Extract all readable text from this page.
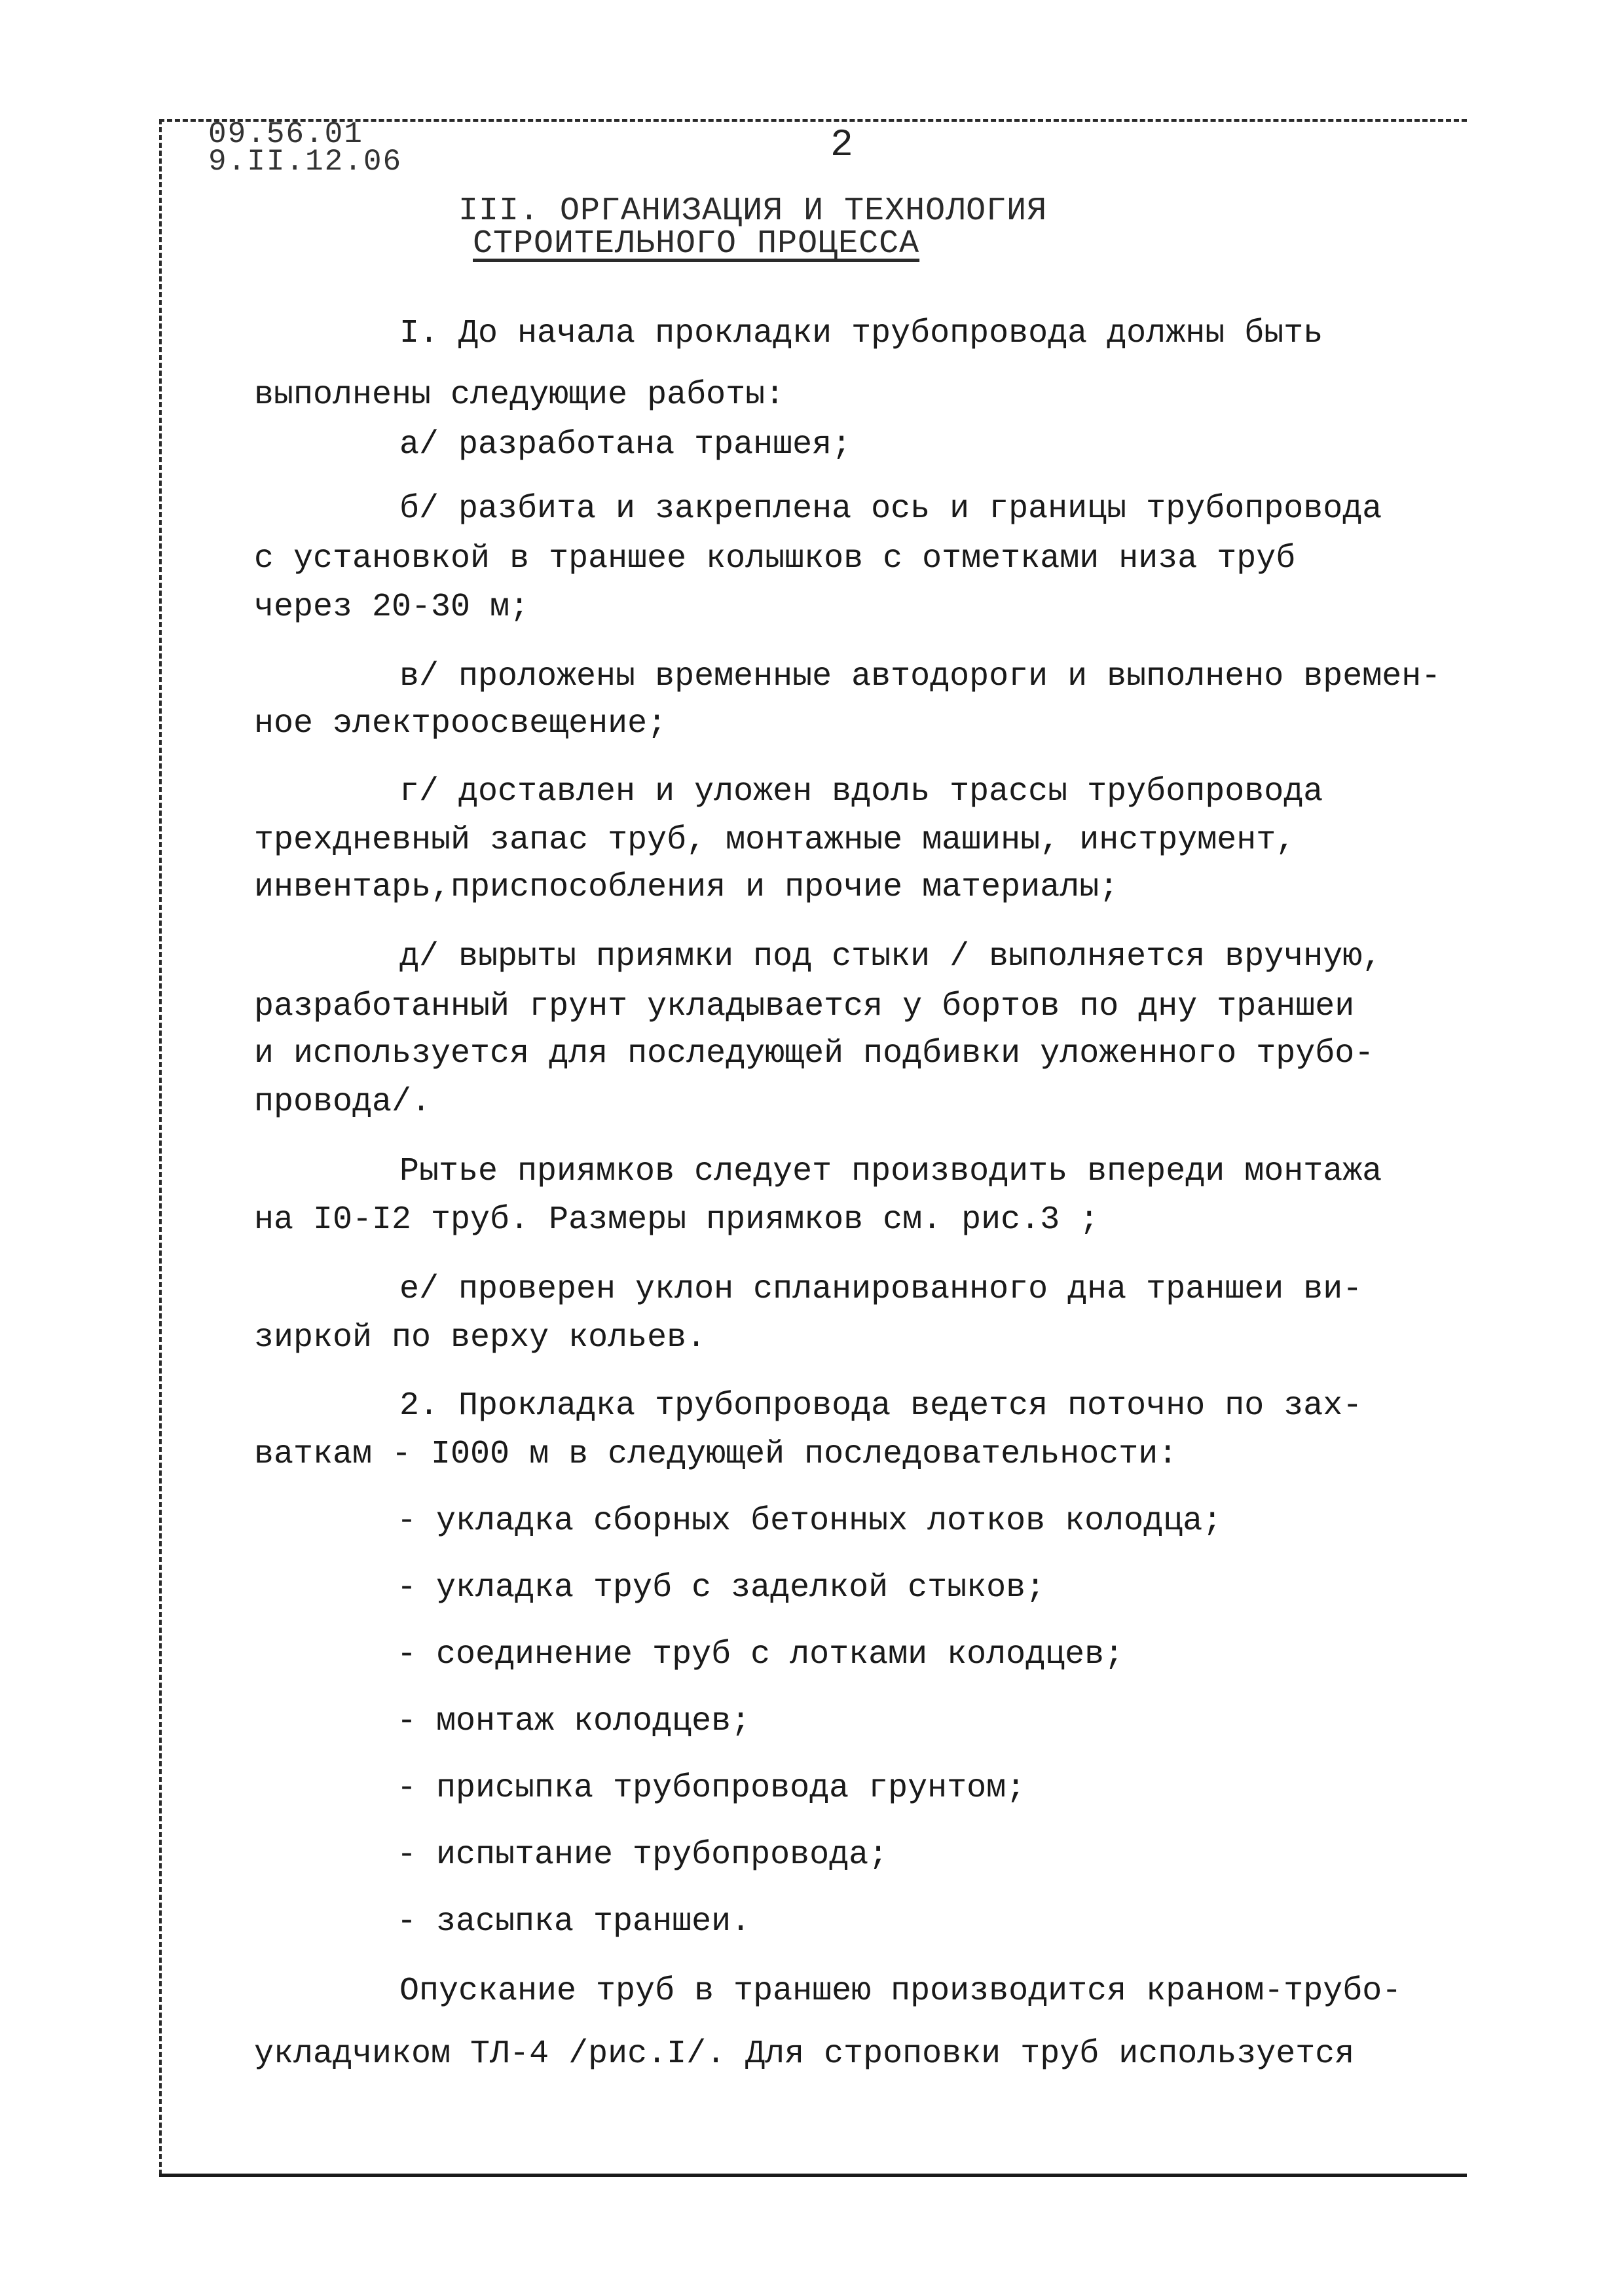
09.56.01
9.II.12.06	2
III. ОРГАНИЗАЦИЯ И ТЕХНОЛОГИЯ
СТРОИТЕЛЬНОГО ПРОЦЕССА
I. До начала прокладки трубопровода должны быть
выполнены следующие работы:
а/ разработана траншея;
б/ разбита и закреплена ось и границы трубопровода
с установкой в траншее колышков с отметками низа труб
через 20-30 м;
в/ проложены временные автодороги и выполнено времен-
ное электроосвещение;
г/ доставлен и уложен вдоль трассы трубопровода
трехдневный запас труб, монтажные машины, инструмент,
инвентарь,приспособления и прочие материалы;
д/ вырыты приямки под стыки / выполняется вручную,
разработанный грунт укладывается у бортов по дну траншеи
и используется для последующей подбивки уложенного трубо-
провода/.
Рытье приямков следует производить впереди монтажа
на I0-I2 труб. Размеры приямков см. рис.3 ;
е/ проверен уклон спланированного дна траншеи ви-
зиркой по верху кольев.
2. Прокладка трубопровода ведется поточно по зах-
ваткам - I000 м в следующей последовательности:
- укладка сборных бетонных лотков колодца;
- укладка труб с заделкой стыков;
- соединение труб с лотками колодцев;
- монтаж колодцев;
- присыпка трубопровода грунтом;
- испытание трубопровода;
- засыпка траншеи.
Опускание труб в траншею производится краном-трубо-
укладчиком ТЛ-4 /рис.I/. Для строповки труб используется
